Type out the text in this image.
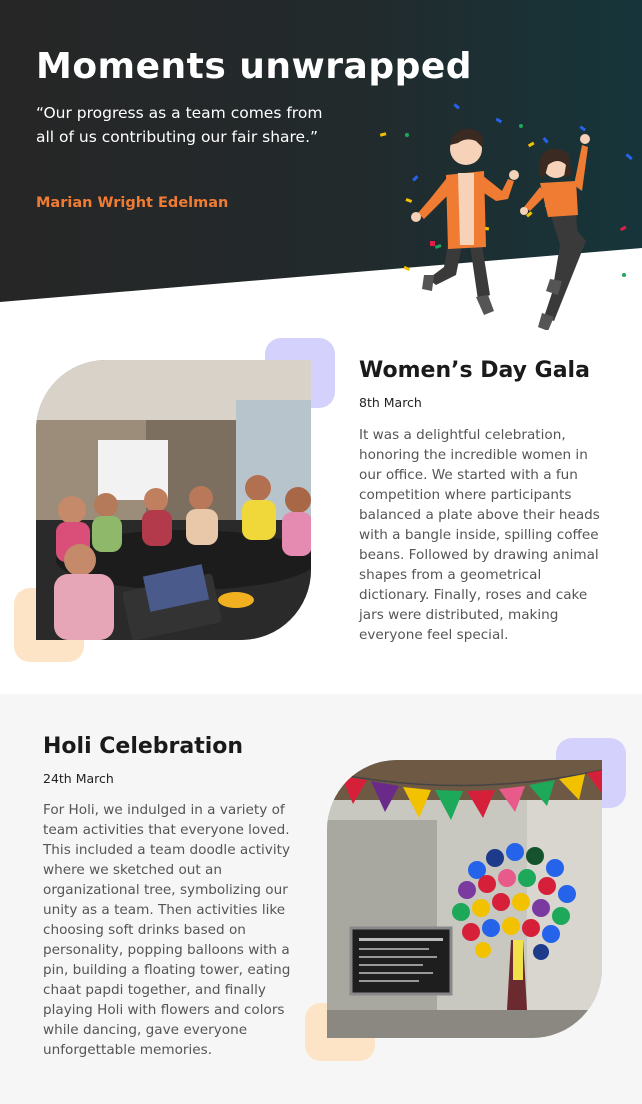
Moments unwrapped

“Our progress as a team comes from all of us contributing our fair share.”

Marian Wright Edelman

Women’s Day Gala

8th March

It was a delightful celebration, honoring the incredible women in our office. We started with a fun competition where participants balanced a plate above their heads with a bangle inside, spilling coffee beans. Followed by drawing animal shapes from a geometrical dictionary. Finally, roses and cake jars were distributed, making everyone feel special.

Holi Celebration

24th March

For Holi, we indulged in a variety of team activities that everyone loved. This included a team doodle activity where we sketched out an organizational tree, symbolizing our unity as a team. Then activities like choosing soft drinks based on personality, popping balloons with a pin, building a floating tower, eating chaat papdi together, and finally playing Holi with flowers and colors while dancing, gave everyone unforgettable memories.
